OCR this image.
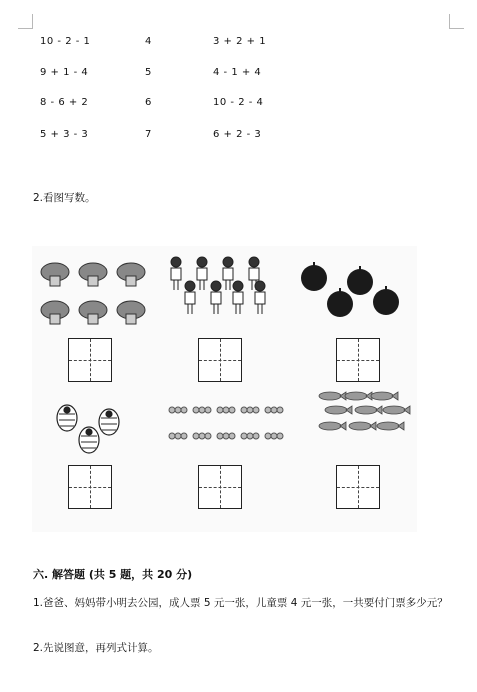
10 - 2 - 1	4	3 + 2 + 1
9 + 1 - 4	5	4 - 1 + 4
8 - 6 + 2	6	10 - 2 - 4
5 + 3 - 3	7	6 + 2 - 3
2.看图写数。
六. 解答题 (共 5 题，共 20 分)
1.爸爸、妈妈带小明去公园，成人票 5 元一张，儿童票 4 元一张，一共要付门票多少元？
2.先说图意，再列式计算。
